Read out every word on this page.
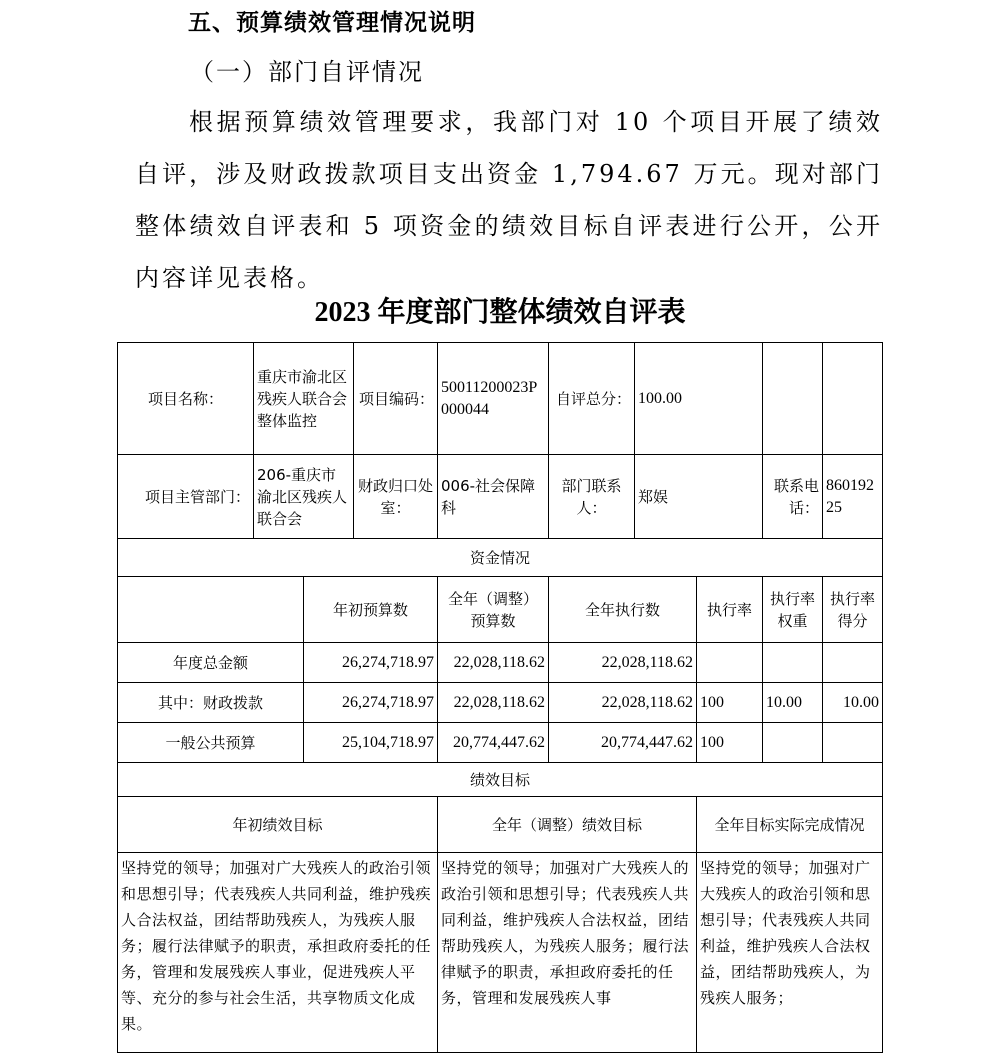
五、预算绩效管理情况说明
（一）部门自评情况

根据预算绩效管理要求，我部门对 10 个项目开展了绩效自评，涉及财政拨款项目支出资金 1,794.67 万元。现对部门整体绩效自评表和 5 项资金的绩效目标自评表进行公开，公开内容详见表格。

2023 年度部门整体绩效自评表
项目名称：	重庆市渝北区残疾人联合会整体监控		项目编码：	50011200023P000044	自评总分：	100.00			
项目主管部门：	206-重庆市渝北区残疾人联合会		财政归口处室：	006-社会保障科	部门联系人：	郑娱		联系电话：	86019225
资金情况									
		年初预算数		全年（调整）预算数	全年执行数		执行率	执行率权重	执行率得分
年度总金额		26,274,718.97		22,028,118.62	22,028,118.62				
其中：财政拨款		26,274,718.97		22,028,118.62	22,028,118.62		100	10.00	10.00
一般公共预算		25,104,718.97		20,774,447.62	20,774,447.62		100		
绩效目标									
年初绩效目标				全年（调整）绩效目标			全年目标实际完成情况		
坚持党的领导；加强对广大残疾人的政治引领和思想引导；代表残疾人共同利益，维护残疾人合法权益，团结帮助残疾人，为残疾人服务；履行法律赋予的职责，承担政府委托的任务，管理和发展残疾人事业，促进残疾人平等、充分的参与社会生活，共享物质文化成果。				坚持党的领导；加强对广大残疾人的政治引领和思想引导；代表残疾人共同利益，维护残疾人合法权益，团结帮助残疾人，为残疾人服务；履行法律赋予的职责，承担政府委托的任务，管理和发展残疾人事			坚持党的领导；加强对广大残疾人的政治引领和思想引导；代表残疾人共同利益，维护残疾人合法权益，团结帮助残疾人，为残疾人服务；		
